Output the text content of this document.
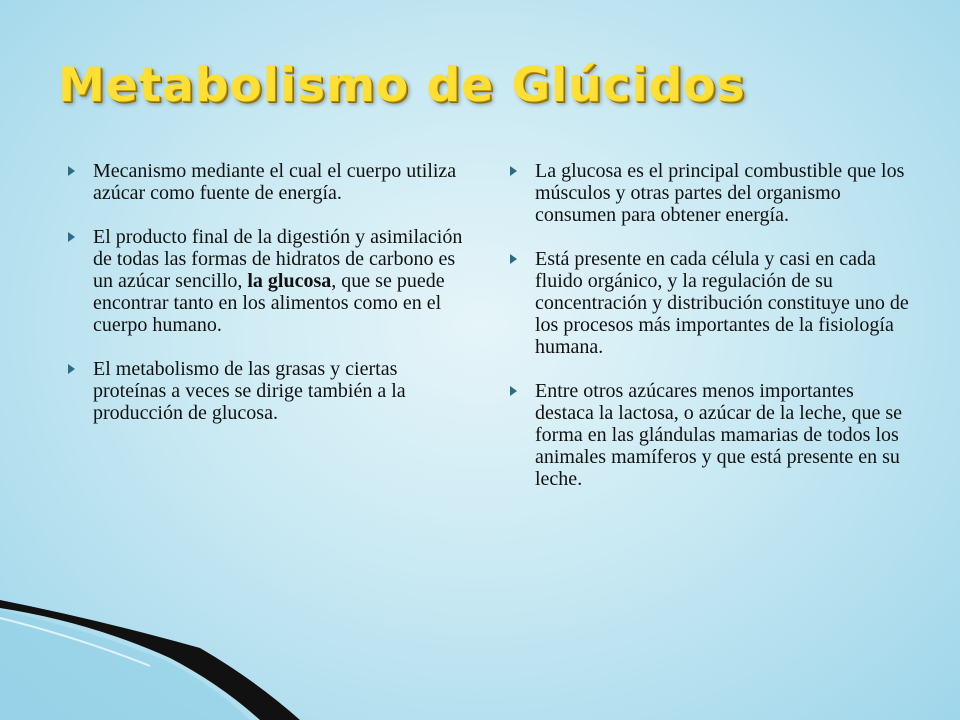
Metabolismo de Glúcidos
Mecanismo mediante el cual el cuerpo utiliza azúcar como fuente de energía.
El producto final de la digestión y asimilación de todas las formas de hidratos de carbono es un azúcar sencillo, la glucosa, que se puede encontrar tanto en los alimentos como en el cuerpo humano.
El metabolismo de las grasas y ciertas proteínas a veces se dirige también a la producción de glucosa.
La glucosa es el principal combustible que los músculos y otras partes del organismo consumen para obtener energía.
Está presente en cada célula y casi en cada fluido orgánico, y la regulación de su concentración y distribución constituye uno de los procesos más importantes de la fisiología humana.
Entre otros azúcares menos importantes destaca la lactosa, o azúcar de la leche, que se forma en las glándulas mamarias de todos los animales mamíferos y que está presente en su leche.
